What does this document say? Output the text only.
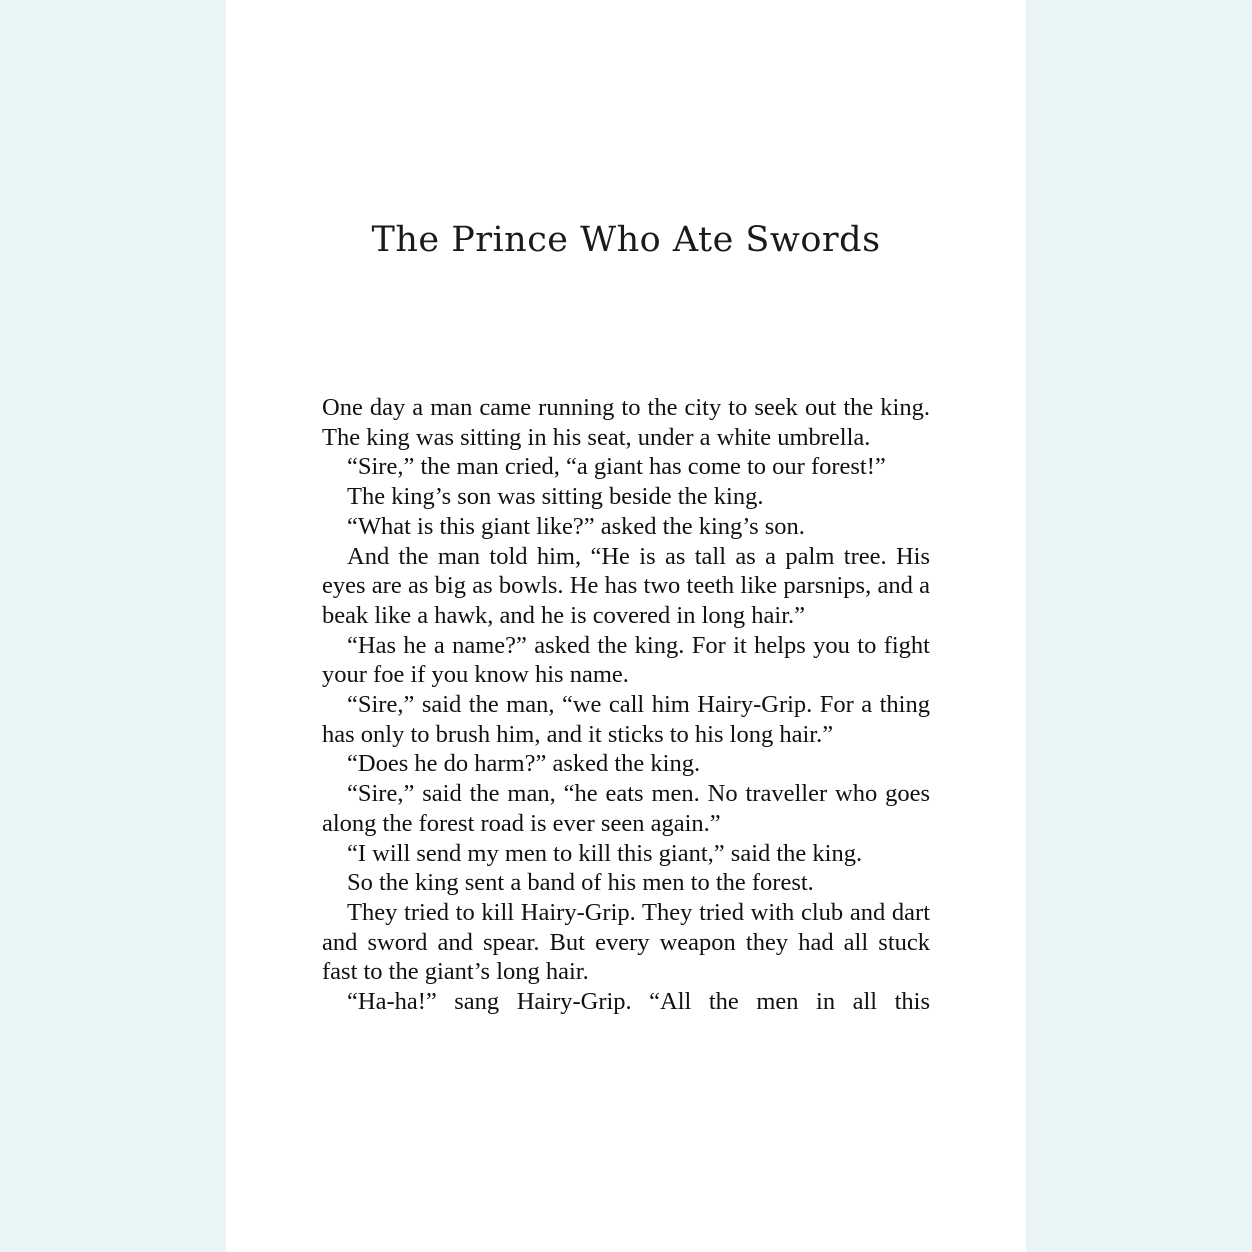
The Prince Who Ate Swords

One day a man came running to the city to seek out the king. The king was sitting in his seat, under a white umbrella.

“Sire,” the man cried, “a giant has come to our forest!”

The king’s son was sitting beside the king.

“What is this giant like?” asked the king’s son.

And the man told him, “He is as tall as a palm tree. His eyes are as big as bowls. He has two teeth like parsnips, and a beak like a hawk, and he is covered in long hair.”

“Has he a name?” asked the king. For it helps you to fight your foe if you know his name.

“Sire,” said the man, “we call him Hairy-Grip. For a thing has only to brush him, and it sticks to his long hair.”

“Does he do harm?” asked the king.

“Sire,” said the man, “he eats men. No traveller who goes along the forest road is ever seen again.”

“I will send my men to kill this giant,” said the king.

So the king sent a band of his men to the forest.

They tried to kill Hairy-Grip. They tried with club and dart and sword and spear. But every weapon they had all stuck fast to the giant’s long hair.

“Ha-ha!” sang Hairy-Grip. “All the men in all this
